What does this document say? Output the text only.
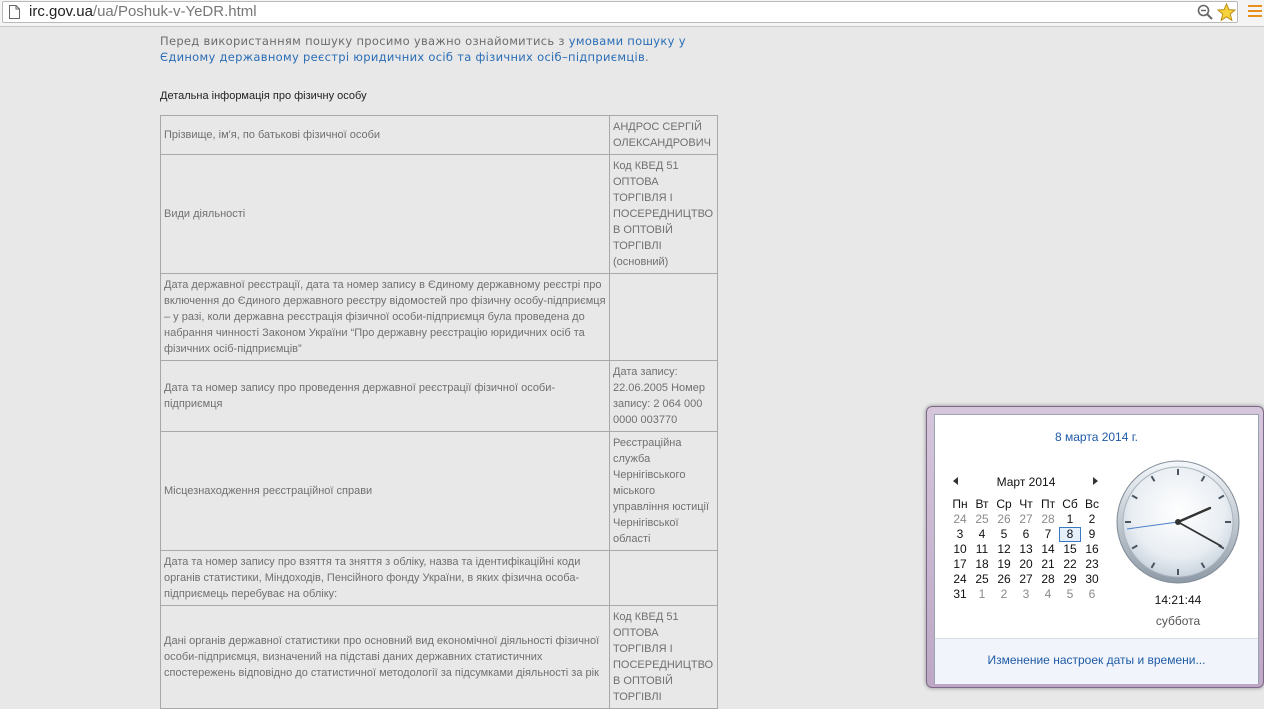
irc.gov.ua/ua/Poshuk-v-YeDR.html
Перед використанням пошуку просимо уважно ознайомитись з умовами пошуку у Єдиному державному реєстрі юридичних осіб та фізичних осіб–підприємців.
Детальна інформація про фізичну особу
Прізвище, ім'я, по батькові фізичної особи	АНДРОС СЕРГІЙ ОЛЕКСАНДРОВИЧ
Види діяльності	Код КВЕД 51 ОПТОВА ТОРГІВЛЯ І ПОСЕРЕДНИЦТВО В ОПТОВІЙ ТОРГІВЛІ (основний)
Дата державної реєстрації, дата та номер запису в Єдиному державному реєстрі про включення до Єдиного державного реєстру відомостей про фізичну особу-підприємця – у разі, коли державна реєстрація фізичної особи-підприємця була проведена до набрання чинності Законом України “Про державну реєстрацію юридичних осіб та фізичних осіб-підприємців”	
Дата та номер запису про проведення державної реєстрації фізичної особи-підприємця	Дата запису: 22.06.2005 Номер запису: 2 064 000 0000 003770
Місцезнаходження реєстраційної справи	Реєстраційна служба Чернігівського міського управління юстиції Чернігівської області
Дата та номер запису про взяття та зняття з обліку, назва та ідентифікаційні коди органів статистики, Міндоходів, Пенсійного фонду України, в яких фізична особа-підприємець перебуває на обліку:	
Дані органів державної статистики про основний вид економічної діяльності фізичної особи-підприємця, визначений на підставі даних державних статистичних спостережень відповідно до статистичної методології за підсумками діяльності за рік	Код КВЕД 51 ОПТОВА ТОРГІВЛЯ І ПОСЕРЕДНИЦТВО В ОПТОВІЙ ТОРГІВЛІ
8 марта 2014 г.
Март 2014
Пн Вт Ср Чт Пт Сб Вс
24 25 26 27 28 1	2
3	4	5	6	7	8	9
10 11 12 13 14 15 16
17 18 19 20 21 22 23
24 25 26 27 28 29 30
31 1	2	3	4	5	6	14:21:44
суббота
Изменение настроек даты и времени...
